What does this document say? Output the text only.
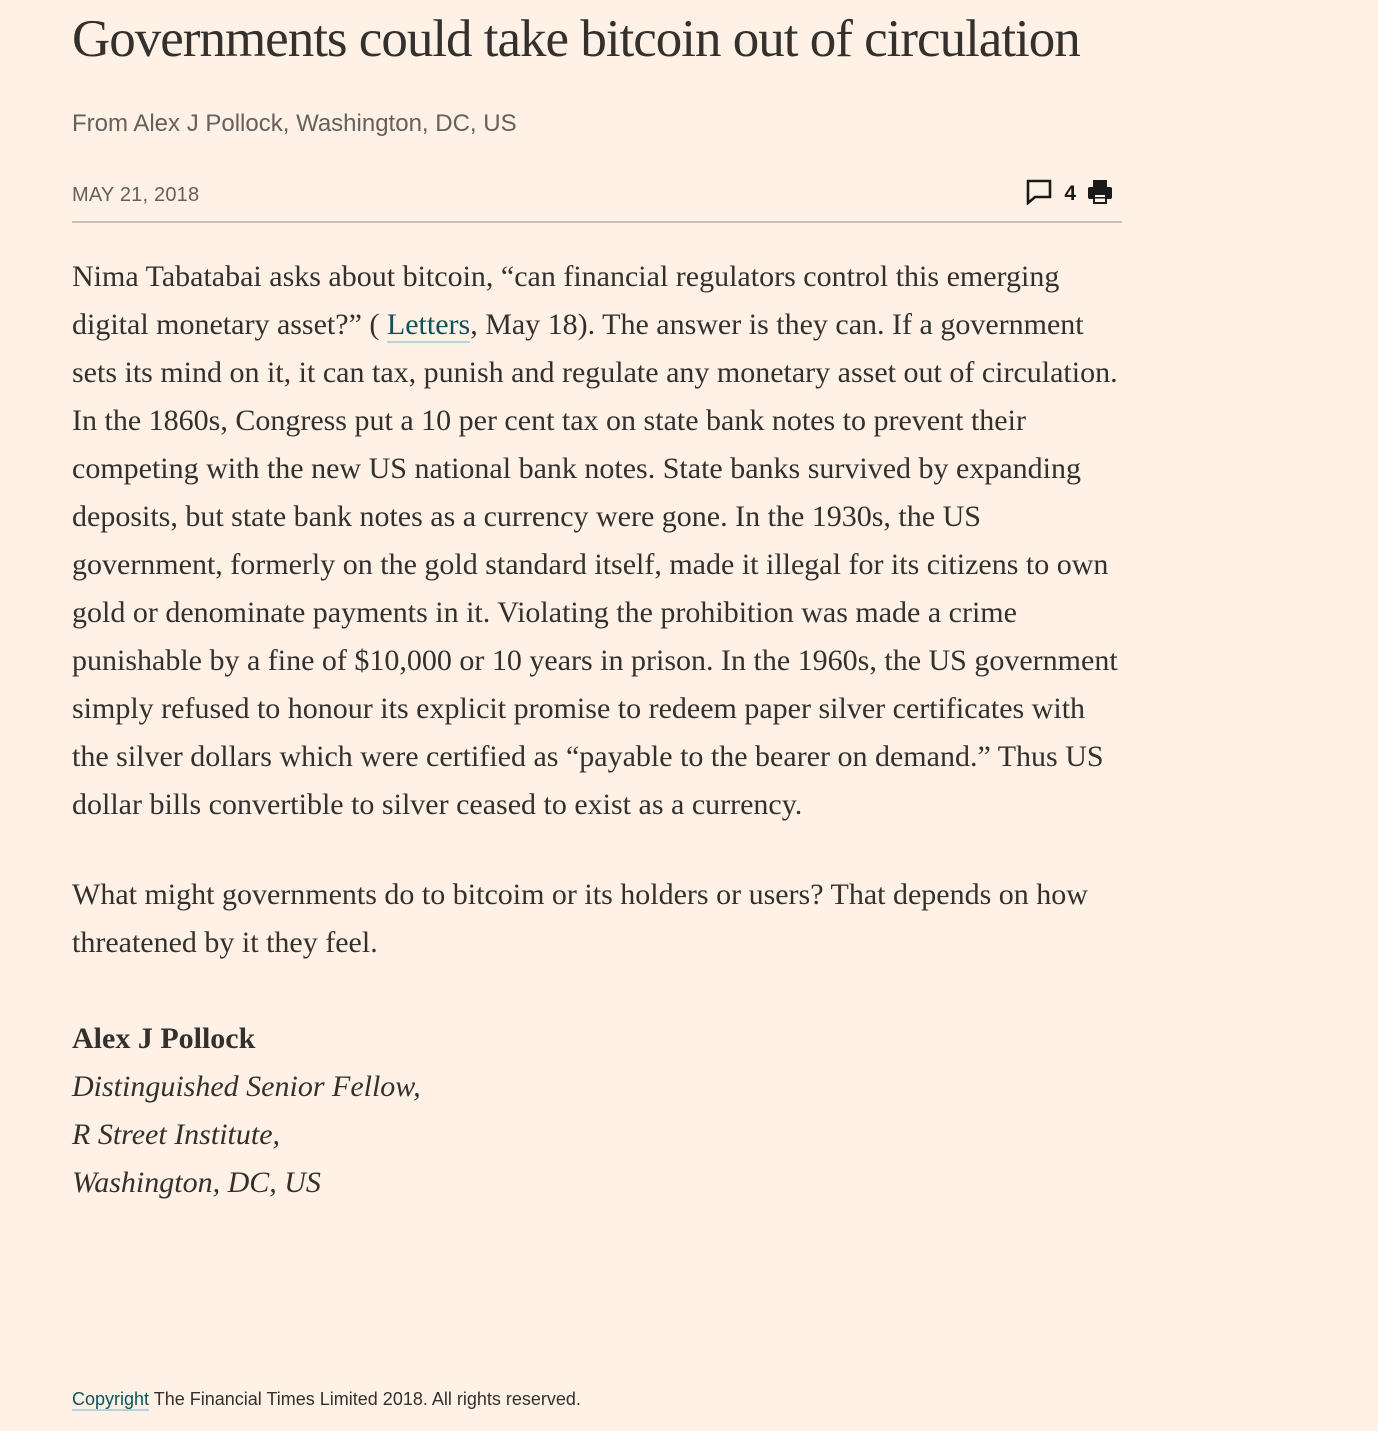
Governments could take bitcoin out of circulation
From Alex J Pollock, Washington, DC, US
MAY 21, 2018	4

Nima Tabatabai asks about bitcoin, “can financial regulators control this emerging digital monetary asset?” ( Letters, May 18). The answer is they can. If a government sets its mind on it, it can tax, punish and regulate any monetary asset out of circulation. In the 1860s, Congress put a 10 per cent tax on state bank notes to prevent their competing with the new US national bank notes. State banks survived by expanding deposits, but state bank notes as a currency were gone. In the 1930s, the US government, formerly on the gold standard itself, made it illegal for its citizens to own gold or denominate payments in it. Violating the prohibition was made a crime punishable by a fine of $10,000 or 10 years in prison. In the 1960s, the US government simply refused to honour its explicit promise to redeem paper silver certificates with the silver dollars which were certified as “payable to the bearer on demand.” Thus US dollar bills convertible to silver ceased to exist as a currency.

What might governments do to bitcoim or its holders or users? That depends on how threatened by it they feel.

Alex J Pollock
Distinguished Senior Fellow,
R Street Institute,
Washington, DC, US
Copyright The Financial Times Limited 2018. All rights reserved.
